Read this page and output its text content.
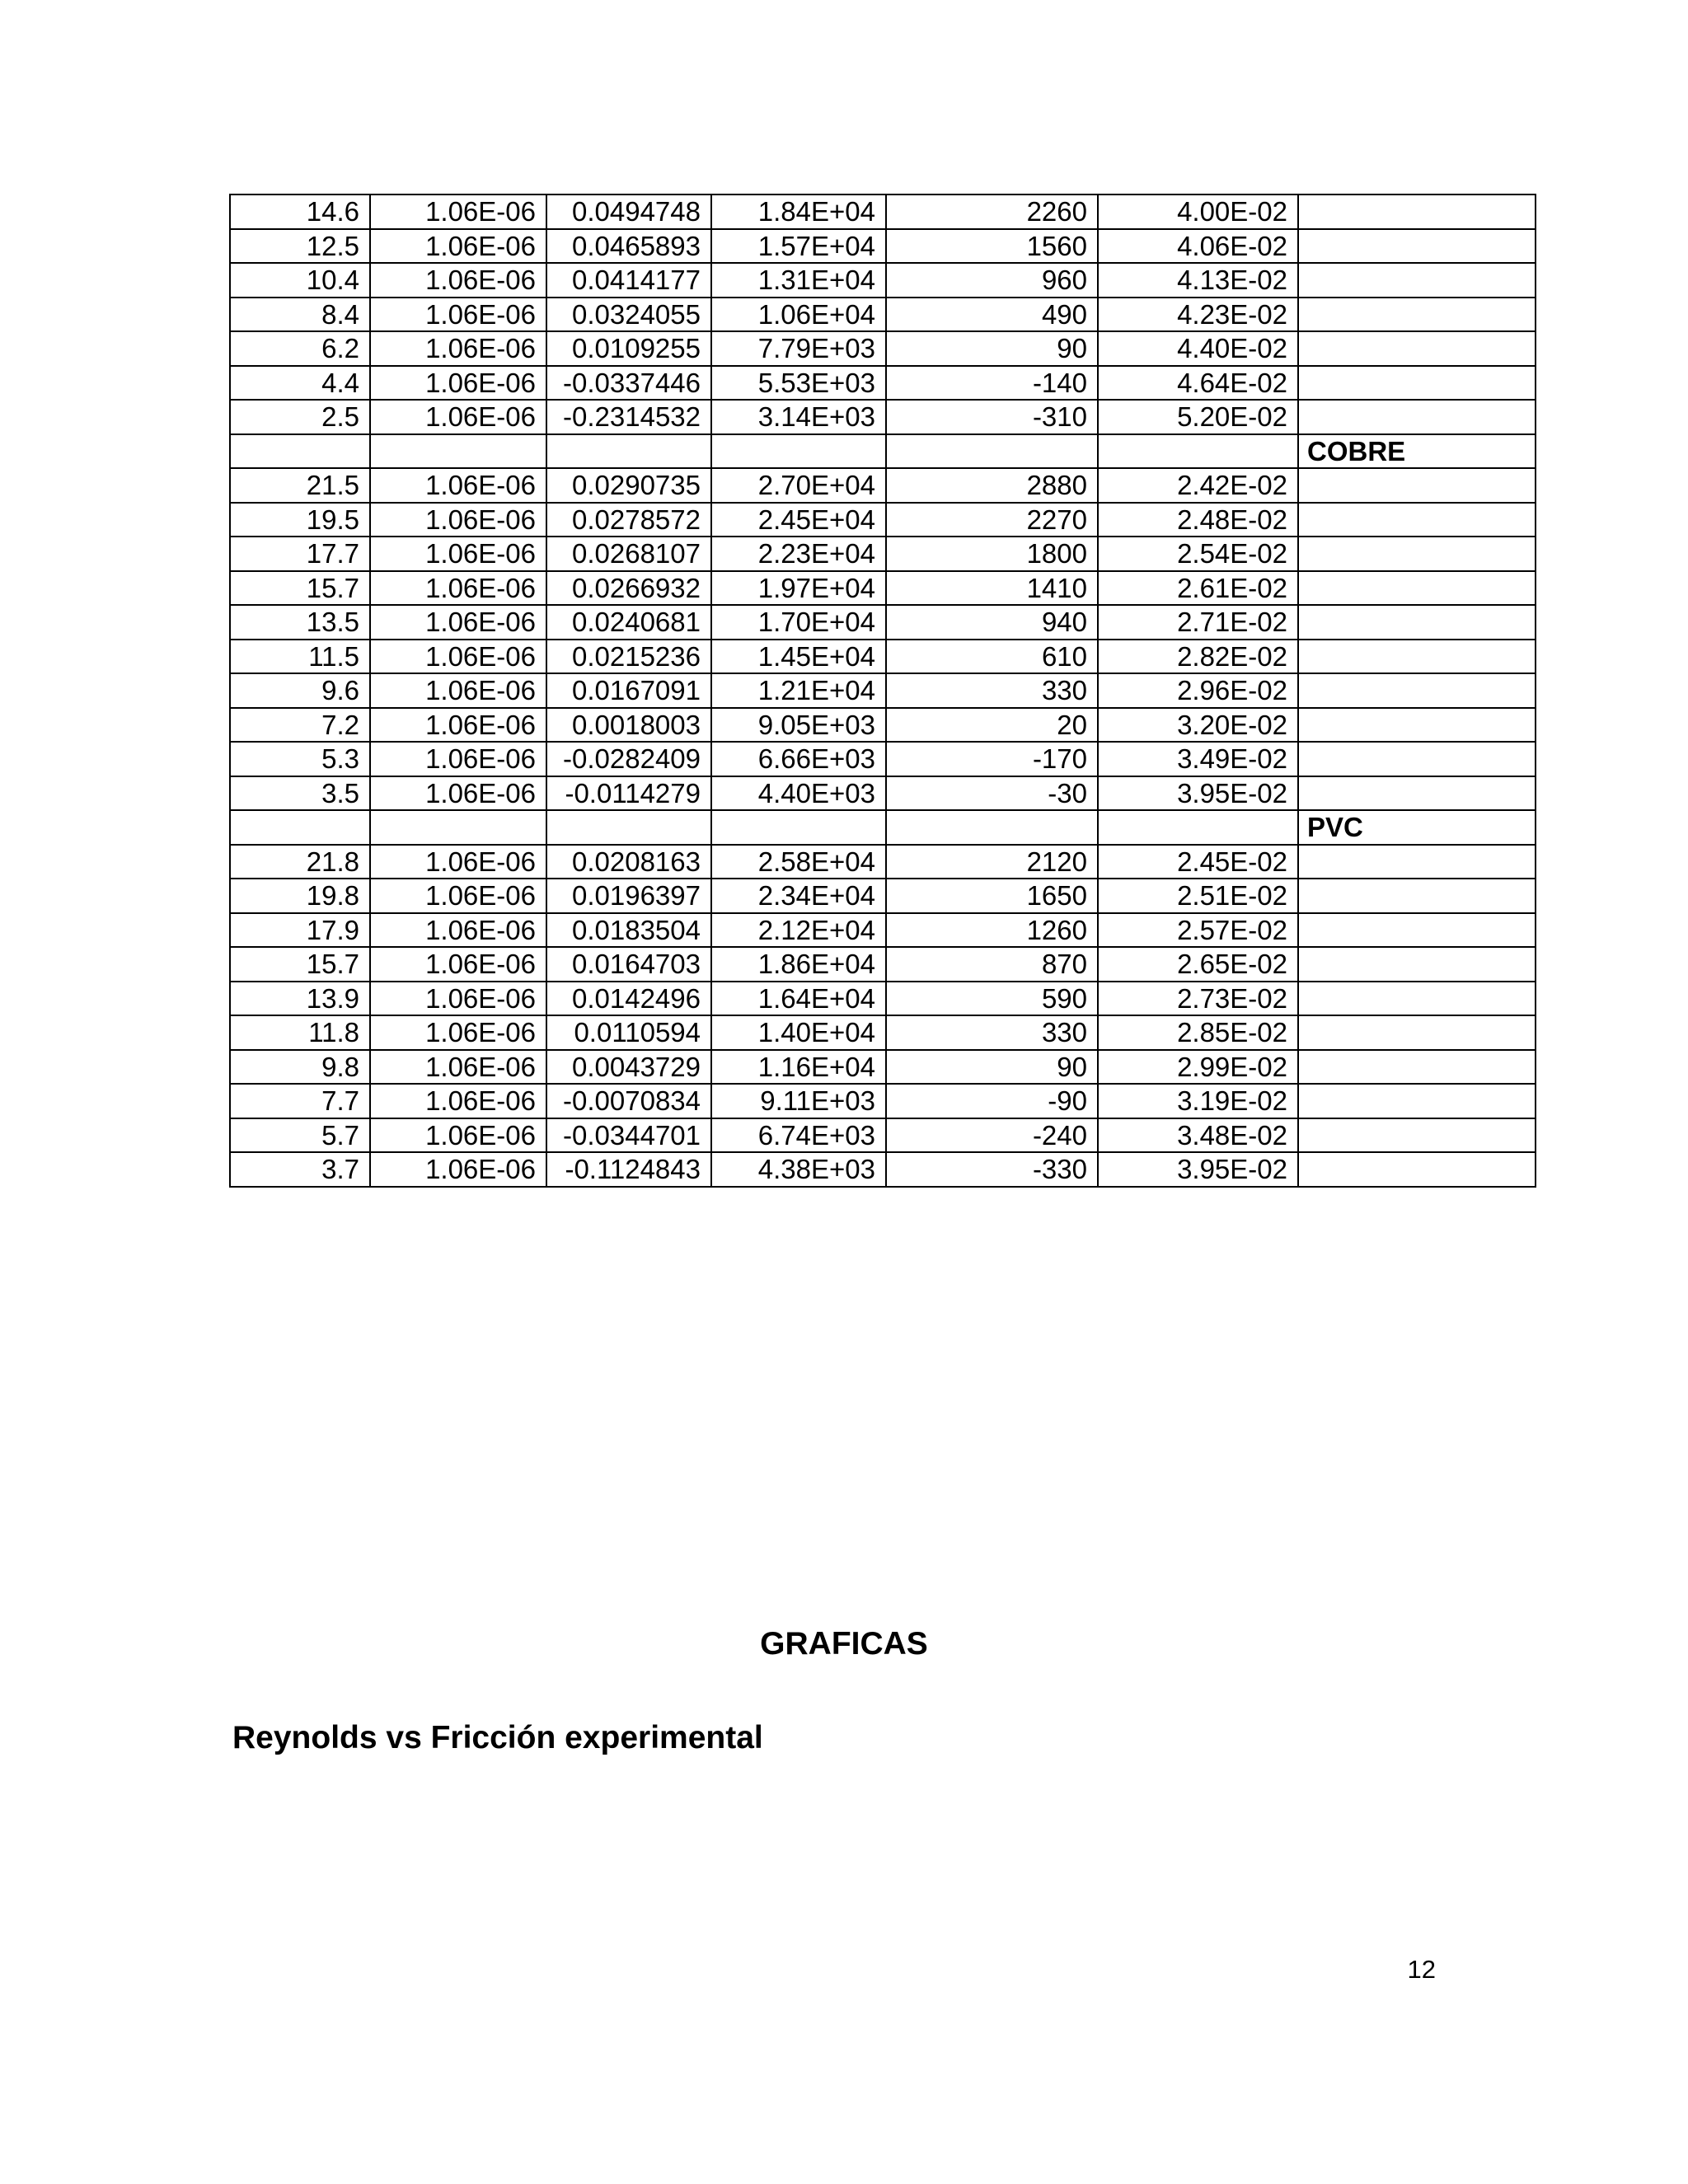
14.6	1.06E-06	0.0494748	1.84E+04	2260	4.00E-02	
12.5	1.06E-06	0.0465893	1.57E+04	1560	4.06E-02	
10.4	1.06E-06	0.0414177	1.31E+04	960	4.13E-02	
8.4	1.06E-06	0.0324055	1.06E+04	490	4.23E-02	
6.2	1.06E-06	0.0109255	7.79E+03	90	4.40E-02	
4.4	1.06E-06	-0.0337446	5.53E+03	-140	4.64E-02	
2.5	1.06E-06	-0.2314532	3.14E+03	-310	5.20E-02	
						COBRE
21.5	1.06E-06	0.0290735	2.70E+04	2880	2.42E-02	
19.5	1.06E-06	0.0278572	2.45E+04	2270	2.48E-02	
17.7	1.06E-06	0.0268107	2.23E+04	1800	2.54E-02	
15.7	1.06E-06	0.0266932	1.97E+04	1410	2.61E-02	
13.5	1.06E-06	0.0240681	1.70E+04	940	2.71E-02	
11.5	1.06E-06	0.0215236	1.45E+04	610	2.82E-02	
9.6	1.06E-06	0.0167091	1.21E+04	330	2.96E-02	
7.2	1.06E-06	0.0018003	9.05E+03	20	3.20E-02	
5.3	1.06E-06	-0.0282409	6.66E+03	-170	3.49E-02	
3.5	1.06E-06	-0.0114279	4.40E+03	-30	3.95E-02	
						PVC
21.8	1.06E-06	0.0208163	2.58E+04	2120	2.45E-02	
19.8	1.06E-06	0.0196397	2.34E+04	1650	2.51E-02	
17.9	1.06E-06	0.0183504	2.12E+04	1260	2.57E-02	
15.7	1.06E-06	0.0164703	1.86E+04	870	2.65E-02	
13.9	1.06E-06	0.0142496	1.64E+04	590	2.73E-02	
11.8	1.06E-06	0.0110594	1.40E+04	330	2.85E-02	
9.8	1.06E-06	0.0043729	1.16E+04	90	2.99E-02	
7.7	1.06E-06	-0.0070834	9.11E+03	-90	3.19E-02	
5.7	1.06E-06	-0.0344701	6.74E+03	-240	3.48E-02	
3.7	1.06E-06	-0.1124843	4.38E+03	-330	3.95E-02	
GRAFICAS
Reynolds vs Fricción experimental
12
